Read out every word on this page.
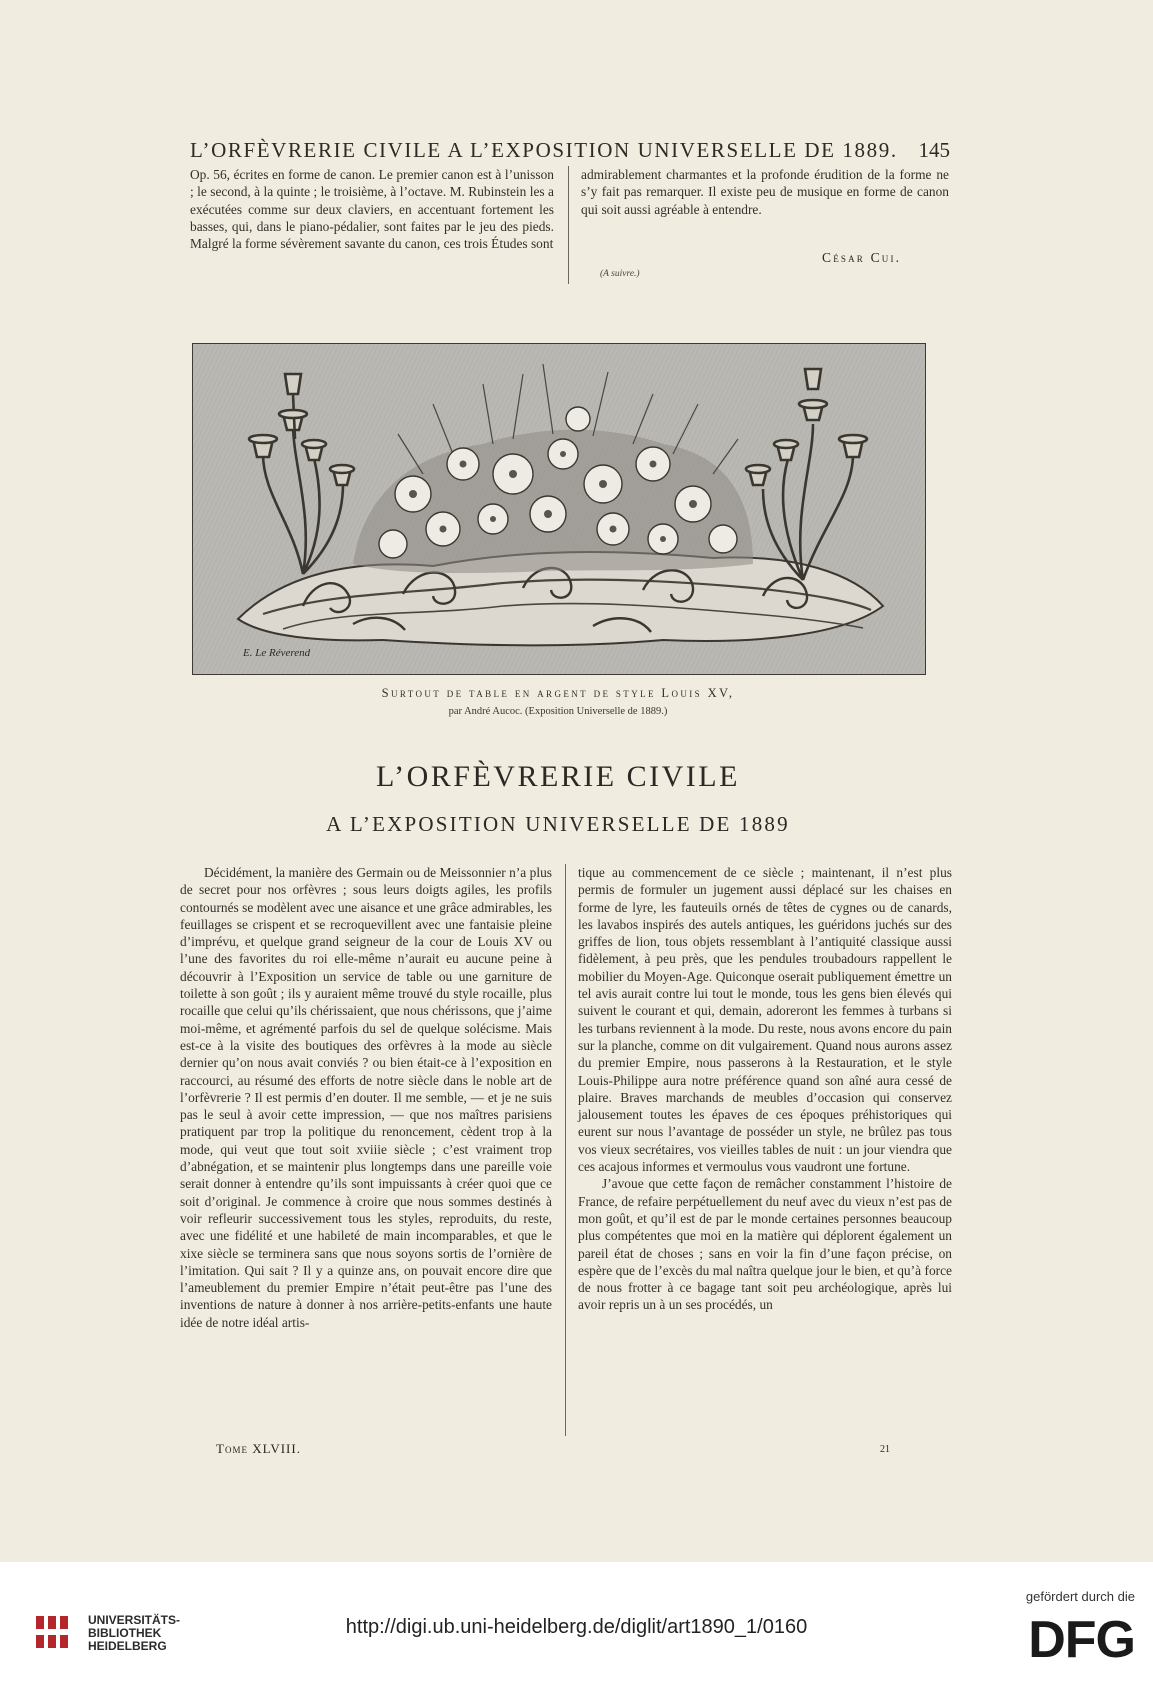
L’ORFÈVRERIE CIVILE A L’EXPOSITION UNIVERSELLE DE 1889. 145

Op. 56, écrites en forme de canon. Le premier canon est à l’unisson ; le second, à la quinte ; le troisième, à l’octave. M. Rubinstein les a exécutées comme sur deux claviers, en accentuant fortement les basses, qui, dans le piano-pédalier, sont faites par le jeu des pieds. Malgré la forme sévèrement savante du canon, ces trois Études sont

admirablement charmantes et la profonde érudition de la forme ne s’y fait pas remarquer. Il existe peu de musique en forme de canon qui soit aussi agréable à entendre.

César Cui.
(A suivre.)
E. Le Réverend
Surtout de table en argent de style Louis XV,
par André Aucoc. (Exposition Universelle de 1889.)
L’ORFÈVRERIE CIVILE
A L’EXPOSITION UNIVERSELLE DE 1889

Décidément, la manière des Germain ou de Meissonnier n’a plus de secret pour nos orfèvres ; sous leurs doigts agiles, les profils contournés se modèlent avec une aisance et une grâce admirables, les feuillages se crispent et se recroquevillent avec une fantaisie pleine d’imprévu, et quelque grand seigneur de la cour de Louis XV ou l’une des favorites du roi elle-même n’aurait eu aucune peine à découvrir à l’Exposition un service de table ou une garniture de toilette à son goût ; ils y auraient même trouvé du style rocaille, plus rocaille que celui qu’ils chérissaient, que nous chérissons, que j’aime moi-même, et agrémenté parfois du sel de quelque solécisme. Mais est-ce à la visite des boutiques des orfèvres à la mode au siècle dernier qu’on nous avait conviés ? ou bien était-ce à l’exposition en raccourci, au résumé des efforts de notre siècle dans le noble art de l’orfèvrerie ? Il est permis d’en douter. Il me semble, — et je ne suis pas le seul à avoir cette impression, — que nos maîtres parisiens pratiquent par trop la politique du renoncement, cèdent trop à la mode, qui veut que tout soit xviiie siècle ; c’est vraiment trop d’abnégation, et se maintenir plus longtemps dans une pareille voie serait donner à entendre qu’ils sont impuissants à créer quoi que ce soit d’original. Je commence à croire que nous sommes destinés à voir refleurir successivement tous les styles, reproduits, du reste, avec une fidélité et une habileté de main incomparables, et que le xixe siècle se terminera sans que nous soyons sortis de l’ornière de l’imitation. Qui sait ? Il y a quinze ans, on pouvait encore dire que l’ameublement du premier Empire n’était peut-être pas l’une des inventions de nature à donner à nos arrière-petits-enfants une haute idée de notre idéal artis-

tique au commencement de ce siècle ; maintenant, il n’est plus permis de formuler un jugement aussi déplacé sur les chaises en forme de lyre, les fauteuils ornés de têtes de cygnes ou de canards, les lavabos inspirés des autels antiques, les guéridons juchés sur des griffes de lion, tous objets ressemblant à l’antiquité classique aussi fidèlement, à peu près, que les pendules troubadours rappellent le mobilier du Moyen-Age. Quiconque oserait publiquement émettre un tel avis aurait contre lui tout le monde, tous les gens bien élevés qui suivent le courant et qui, demain, adoreront les femmes à turbans si les turbans reviennent à la mode. Du reste, nous avons encore du pain sur la planche, comme on dit vulgairement. Quand nous aurons assez du premier Empire, nous passerons à la Restauration, et le style Louis-Philippe aura notre préférence quand son aîné aura cessé de plaire. Braves marchands de meubles d’occasion qui conservez jalousement toutes les épaves de ces époques préhistoriques qui eurent sur nous l’avantage de posséder un style, ne brûlez pas tous vos vieux secrétaires, vos vieilles tables de nuit : un jour viendra que ces acajous informes et vermoulus vous vaudront une fortune.

J’avoue que cette façon de remâcher constamment l’histoire de France, de refaire perpétuellement du neuf avec du vieux n’est pas de mon goût, et qu’il est de par le monde certaines personnes beaucoup plus compétentes que moi en la matière qui déplorent également un pareil état de choses ; sans en voir la fin d’une façon précise, on espère que de l’excès du mal naîtra quelque jour le bien, et qu’à force de nous frotter à ce bagage tant soit peu archéologique, après lui avoir repris un à un ses procédés, un

Tome XLVIII.	21
UNIVERSITÄTS-
BIBLIOTHEK
HEIDELBERG
http://digi.ub.uni-heidelberg.de/diglit/art1890_1/0160
gefördert durch die
DFG
